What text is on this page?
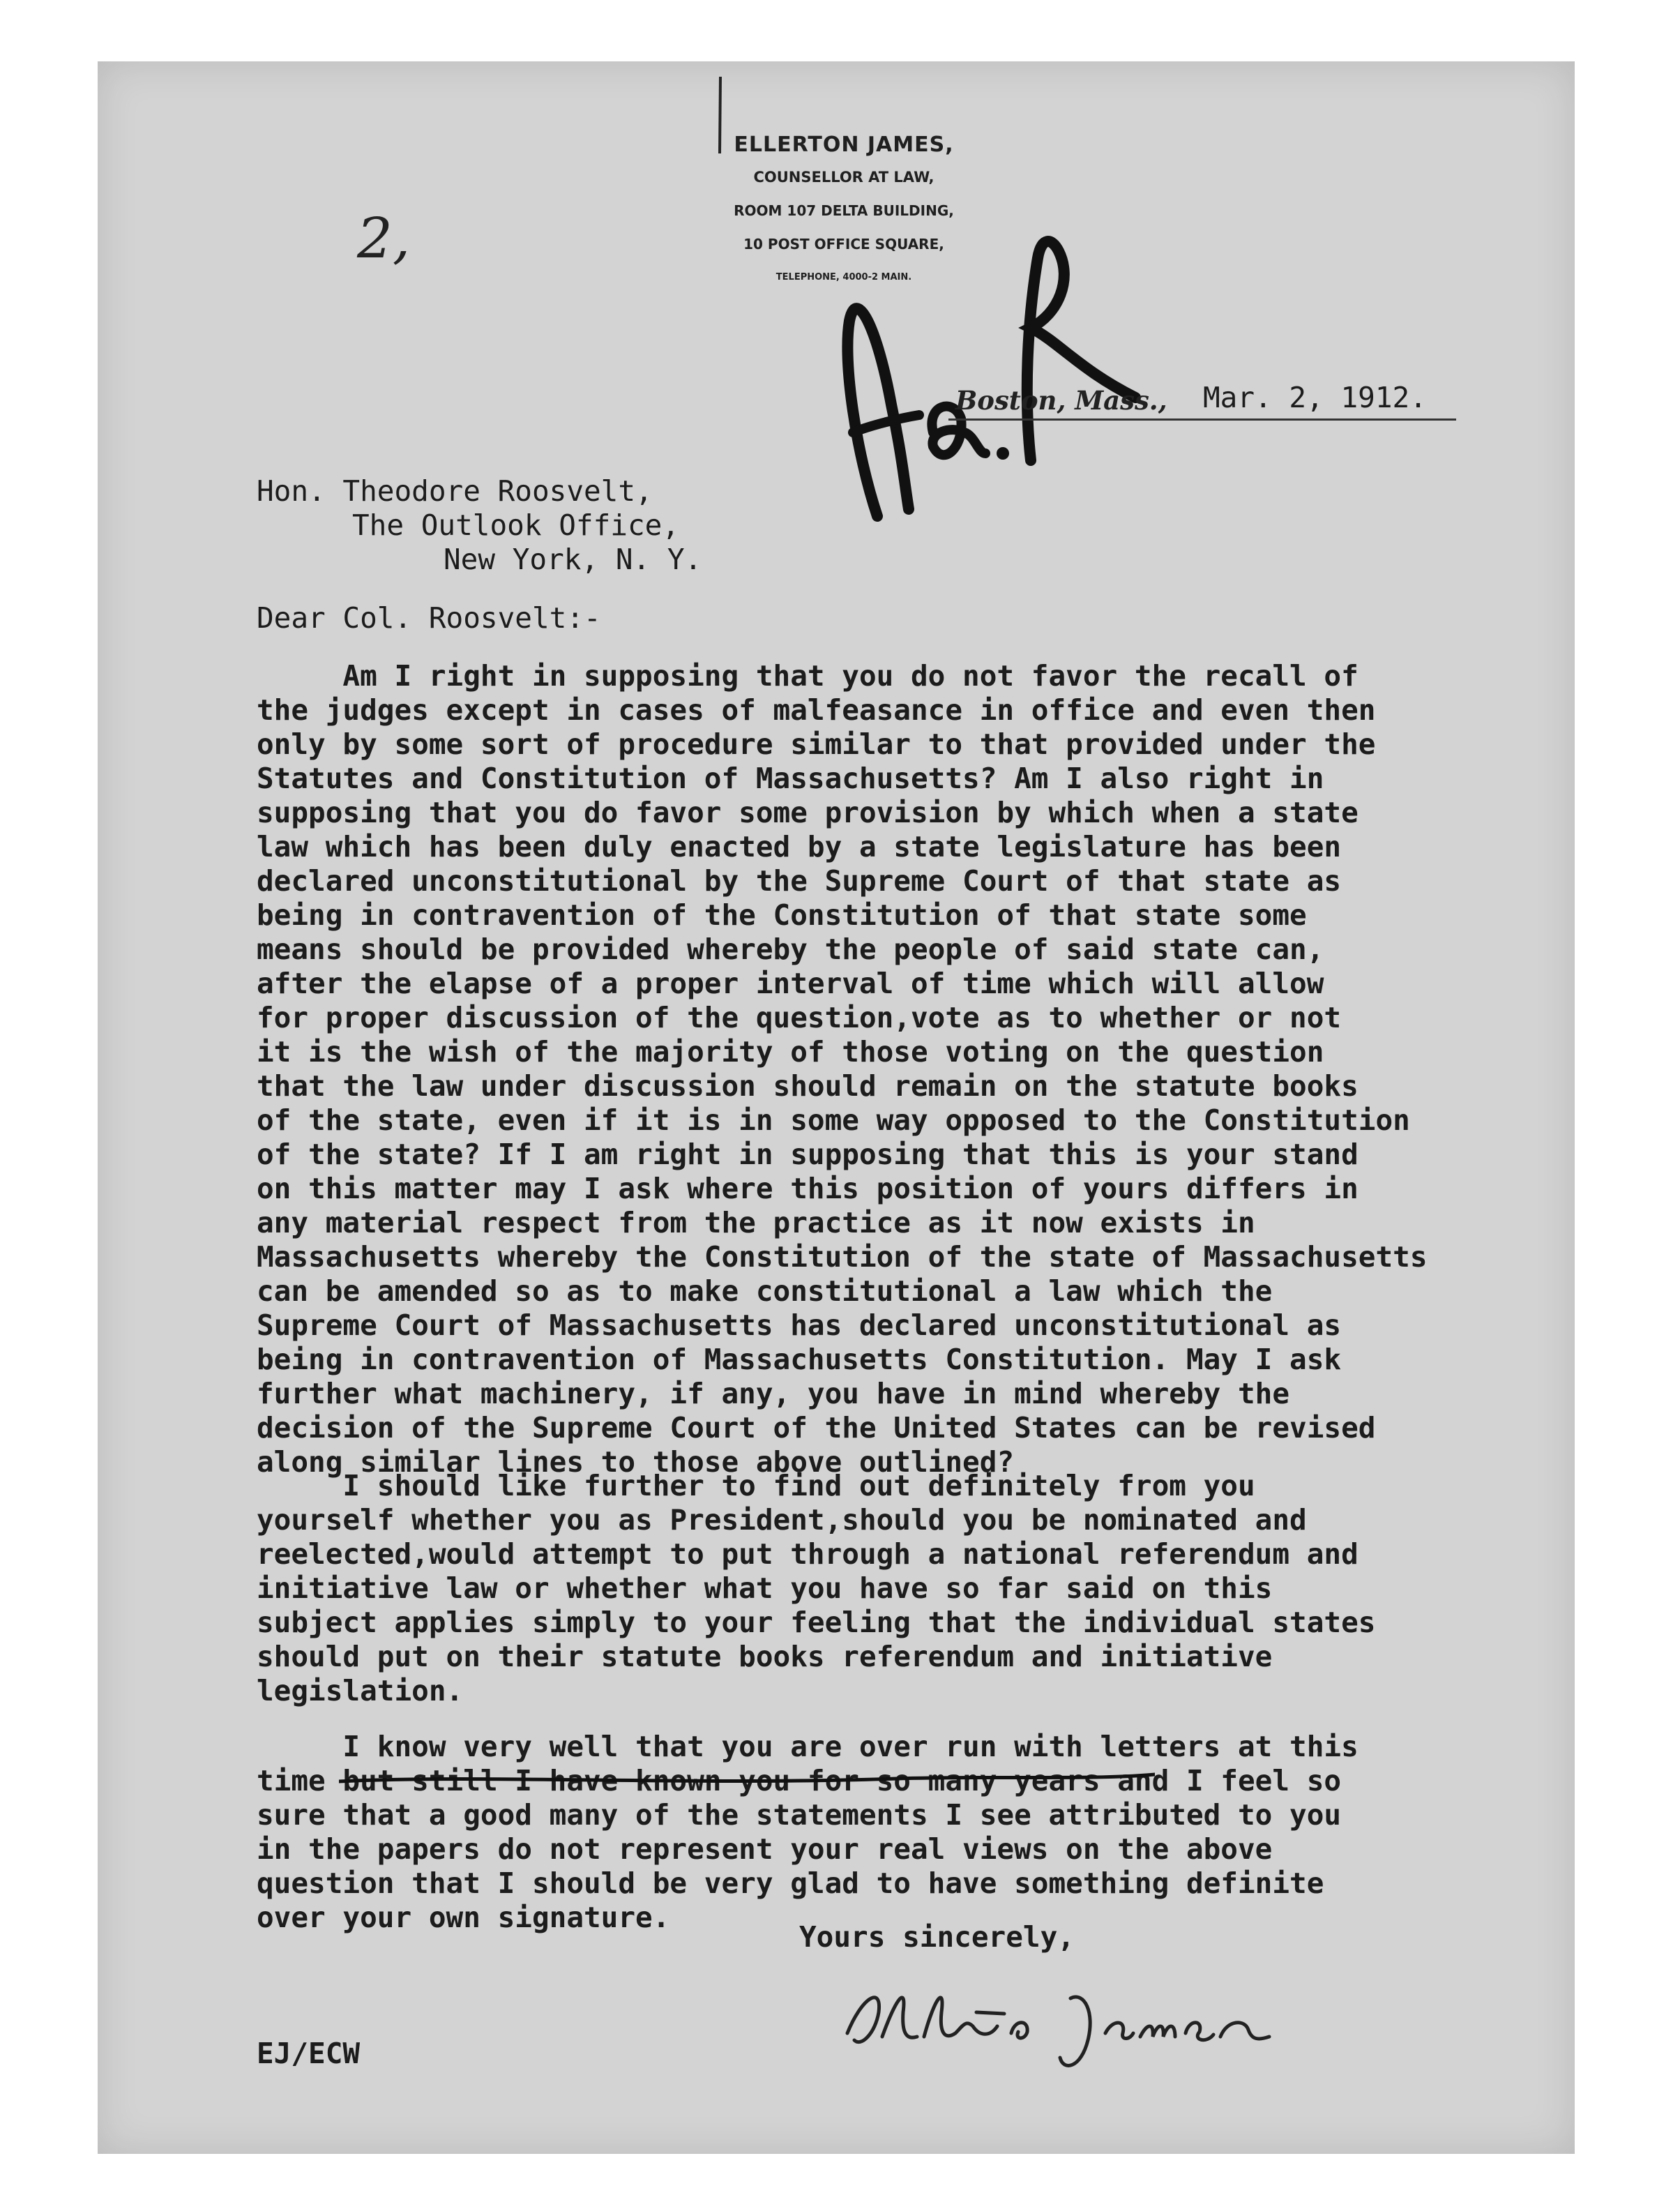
ELLERTON JAMES,
COUNSELLOR AT LAW,
ROOM 107 DELTA BUILDING,
10 POST OFFICE SQUARE,
TELEPHONE, 4000-2 MAIN.
2,
Boston, Mass., Mar. 2, 1912.
Hon. Theodore Roosvelt,
The Outlook Office,
New York, N. Y.
Dear Col. Roosvelt:-
Am I right in supposing that you do not favor the recall of
the judges except in cases of malfeasance in office and even then
only by some sort of procedure similar to that provided under the
Statutes and Constitution of Massachusetts? Am I also right in
supposing that you do favor some provision by which when a state
law which has been duly enacted by a state legislature has been
declared unconstitutional by the Supreme Court of that state as
being in contravention of the Constitution of that state some
means should be provided whereby the people of said state can,
after the elapse of a proper interval of time which will allow
for proper discussion of the question,vote as to whether or not
it is the wish of the majority of those voting on the question
that the law under discussion should remain on the statute books
of the state, even if it is in some way opposed to the Constitution
of the state? If I am right in supposing that this is your stand
on this matter may I ask where this position of yours differs in
any material respect from the practice as it now exists in
Massachusetts whereby the Constitution of the state of Massachusetts
can be amended so as to make constitutional a law which the
Supreme Court of Massachusetts has declared unconstitutional as
being in contravention of Massachusetts Constitution. May I ask
further what machinery, if any, you have in mind whereby the
decision of the Supreme Court of the United States can be revised
along similar lines to those above outlined?
I should like further to find out definitely from you
yourself whether you as President,should you be nominated and
reelected,would attempt to put through a national referendum and
initiative law or whether what you have so far said on this
subject applies simply to your feeling that the individual states
should put on their statute books referendum and initiative
legislation.
I know very well that you are over run with letters at this
time but still I have known you for so many years and I feel so
sure that a good many of the statements I see attributed to you
in the papers do not represent your real views on the above
question that I should be very glad to have something definite
over your own signature.
Yours sincerely,
EJ/ECW
